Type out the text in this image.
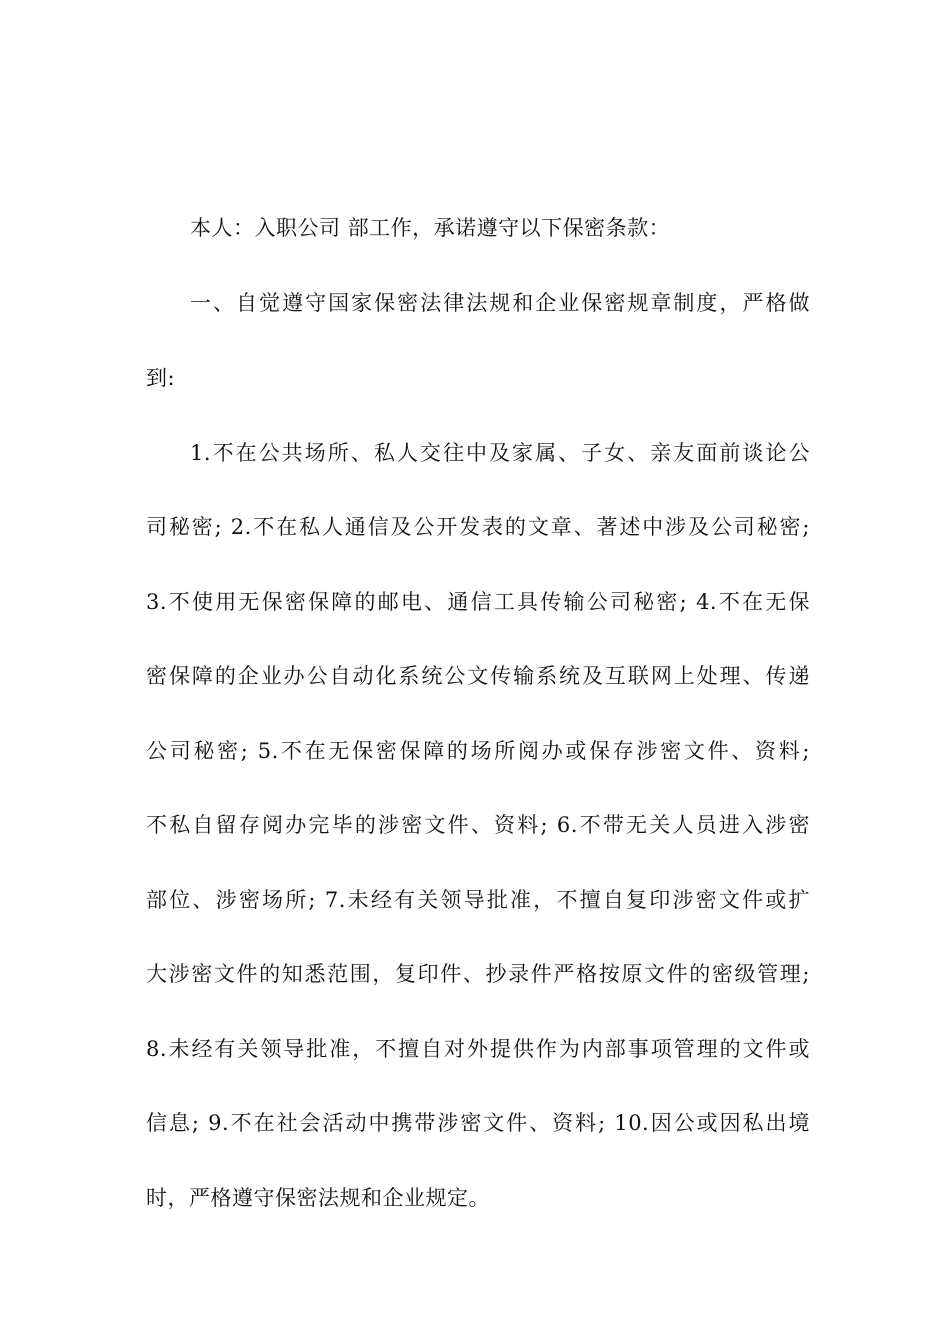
本人：入职公司 部工作，承诺遵守以下保密条款：
一、自觉遵守国家保密法律法规和企业保密规章制度，严格做
到:
1.不在公共场所、私人交往中及家属、子女、亲友面前谈论公
司秘密; 2.不在私人通信及公开发表的文章、著述中涉及公司秘密;
3.不使用无保密保障的邮电、通信工具传输公司秘密; 4.不在无保
密保障的企业办公自动化系统公文传输系统及互联网上处理、传递
公司秘密; 5.不在无保密保障的场所阅办或保存涉密文件、资料;
不私自留存阅办完毕的涉密文件、资料; 6.不带无关人员进入涉密
部位、涉密场所; 7.未经有关领导批准，不擅自复印涉密文件或扩
大涉密文件的知悉范围，复印件、抄录件严格按原文件的密级管理;
8.未经有关领导批准，不擅自对外提供作为内部事项管理的文件或
信息; 9.不在社会活动中携带涉密文件、资料; 10.因公或因私出境
时，严格遵守保密法规和企业规定。
